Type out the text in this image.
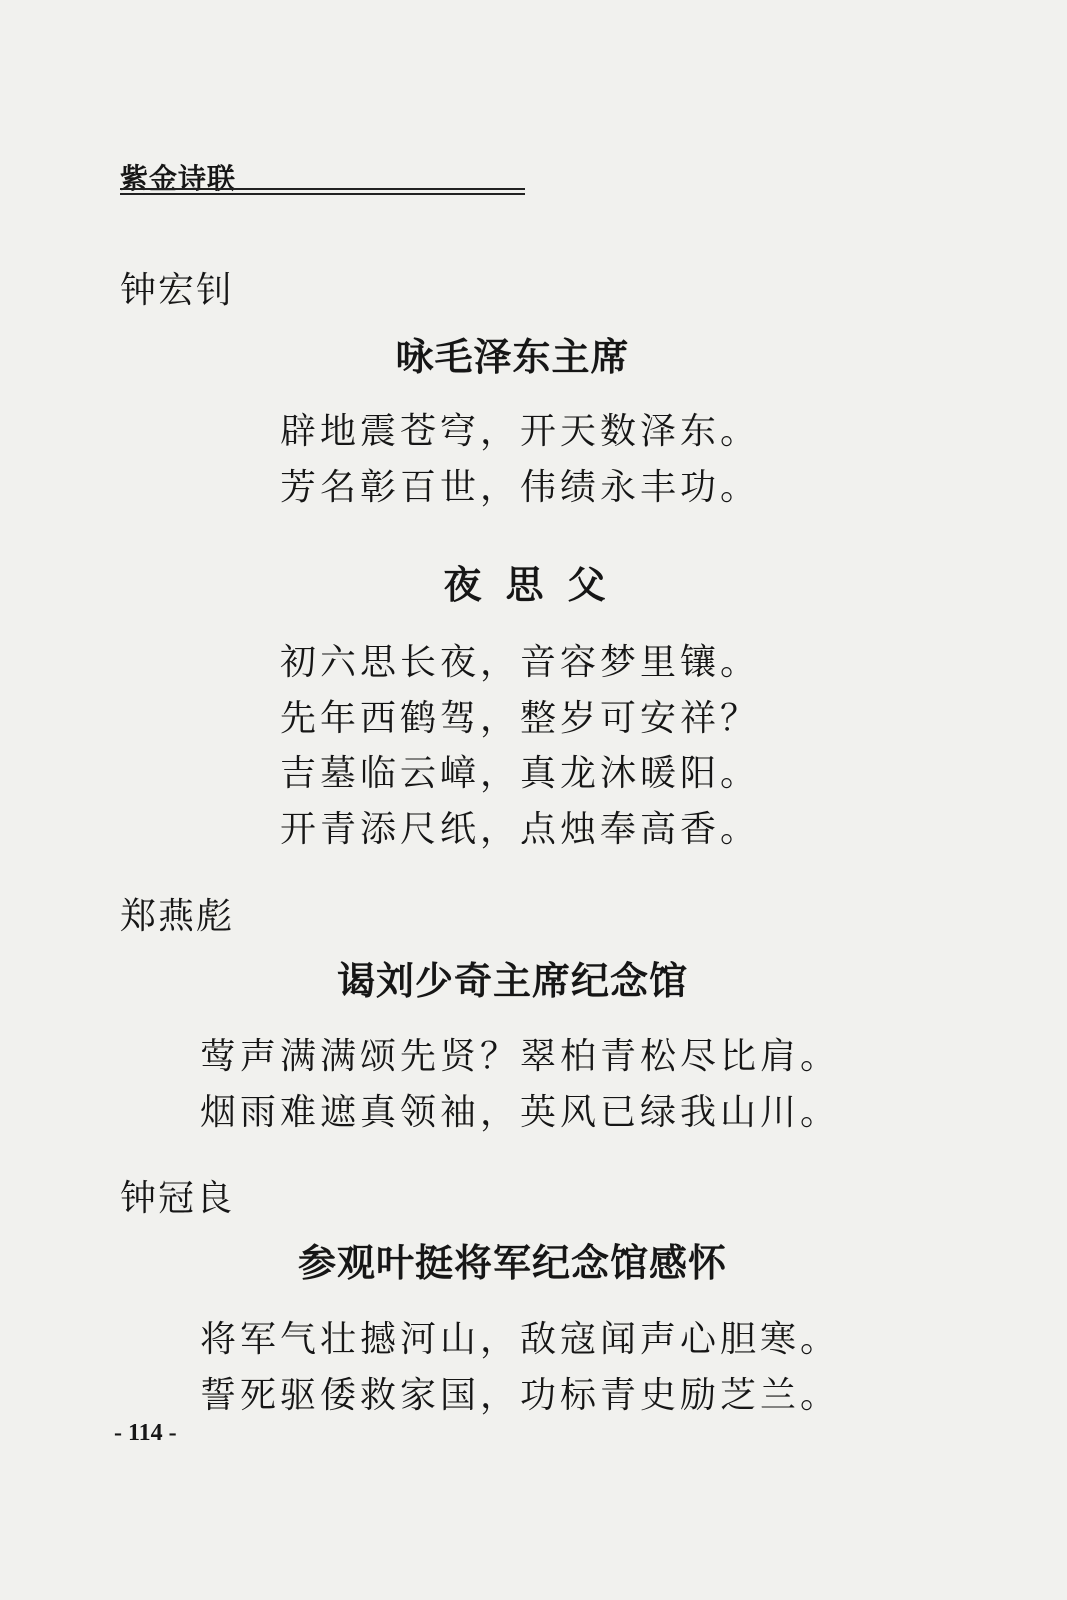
紫金诗联
钟宏钊
咏毛泽东主席
辟地震苍穹，开天数泽东。
芳名彰百世，伟绩永丰功。
夜思父
初六思长夜，音容梦里镶。
先年西鹤驾，整岁可安祥？
吉墓临云嶂，真龙沐暖阳。
开青添尺纸，点烛奉高香。
郑燕彪
谒刘少奇主席纪念馆
莺声满满颂先贤？翠柏青松尽比肩。
烟雨难遮真领袖，英风已绿我山川。
钟冠良
参观叶挺将军纪念馆感怀
将军气壮撼河山，敌寇闻声心胆寒。
誓死驱倭救家国，功标青史励芝兰。
- 114 -
